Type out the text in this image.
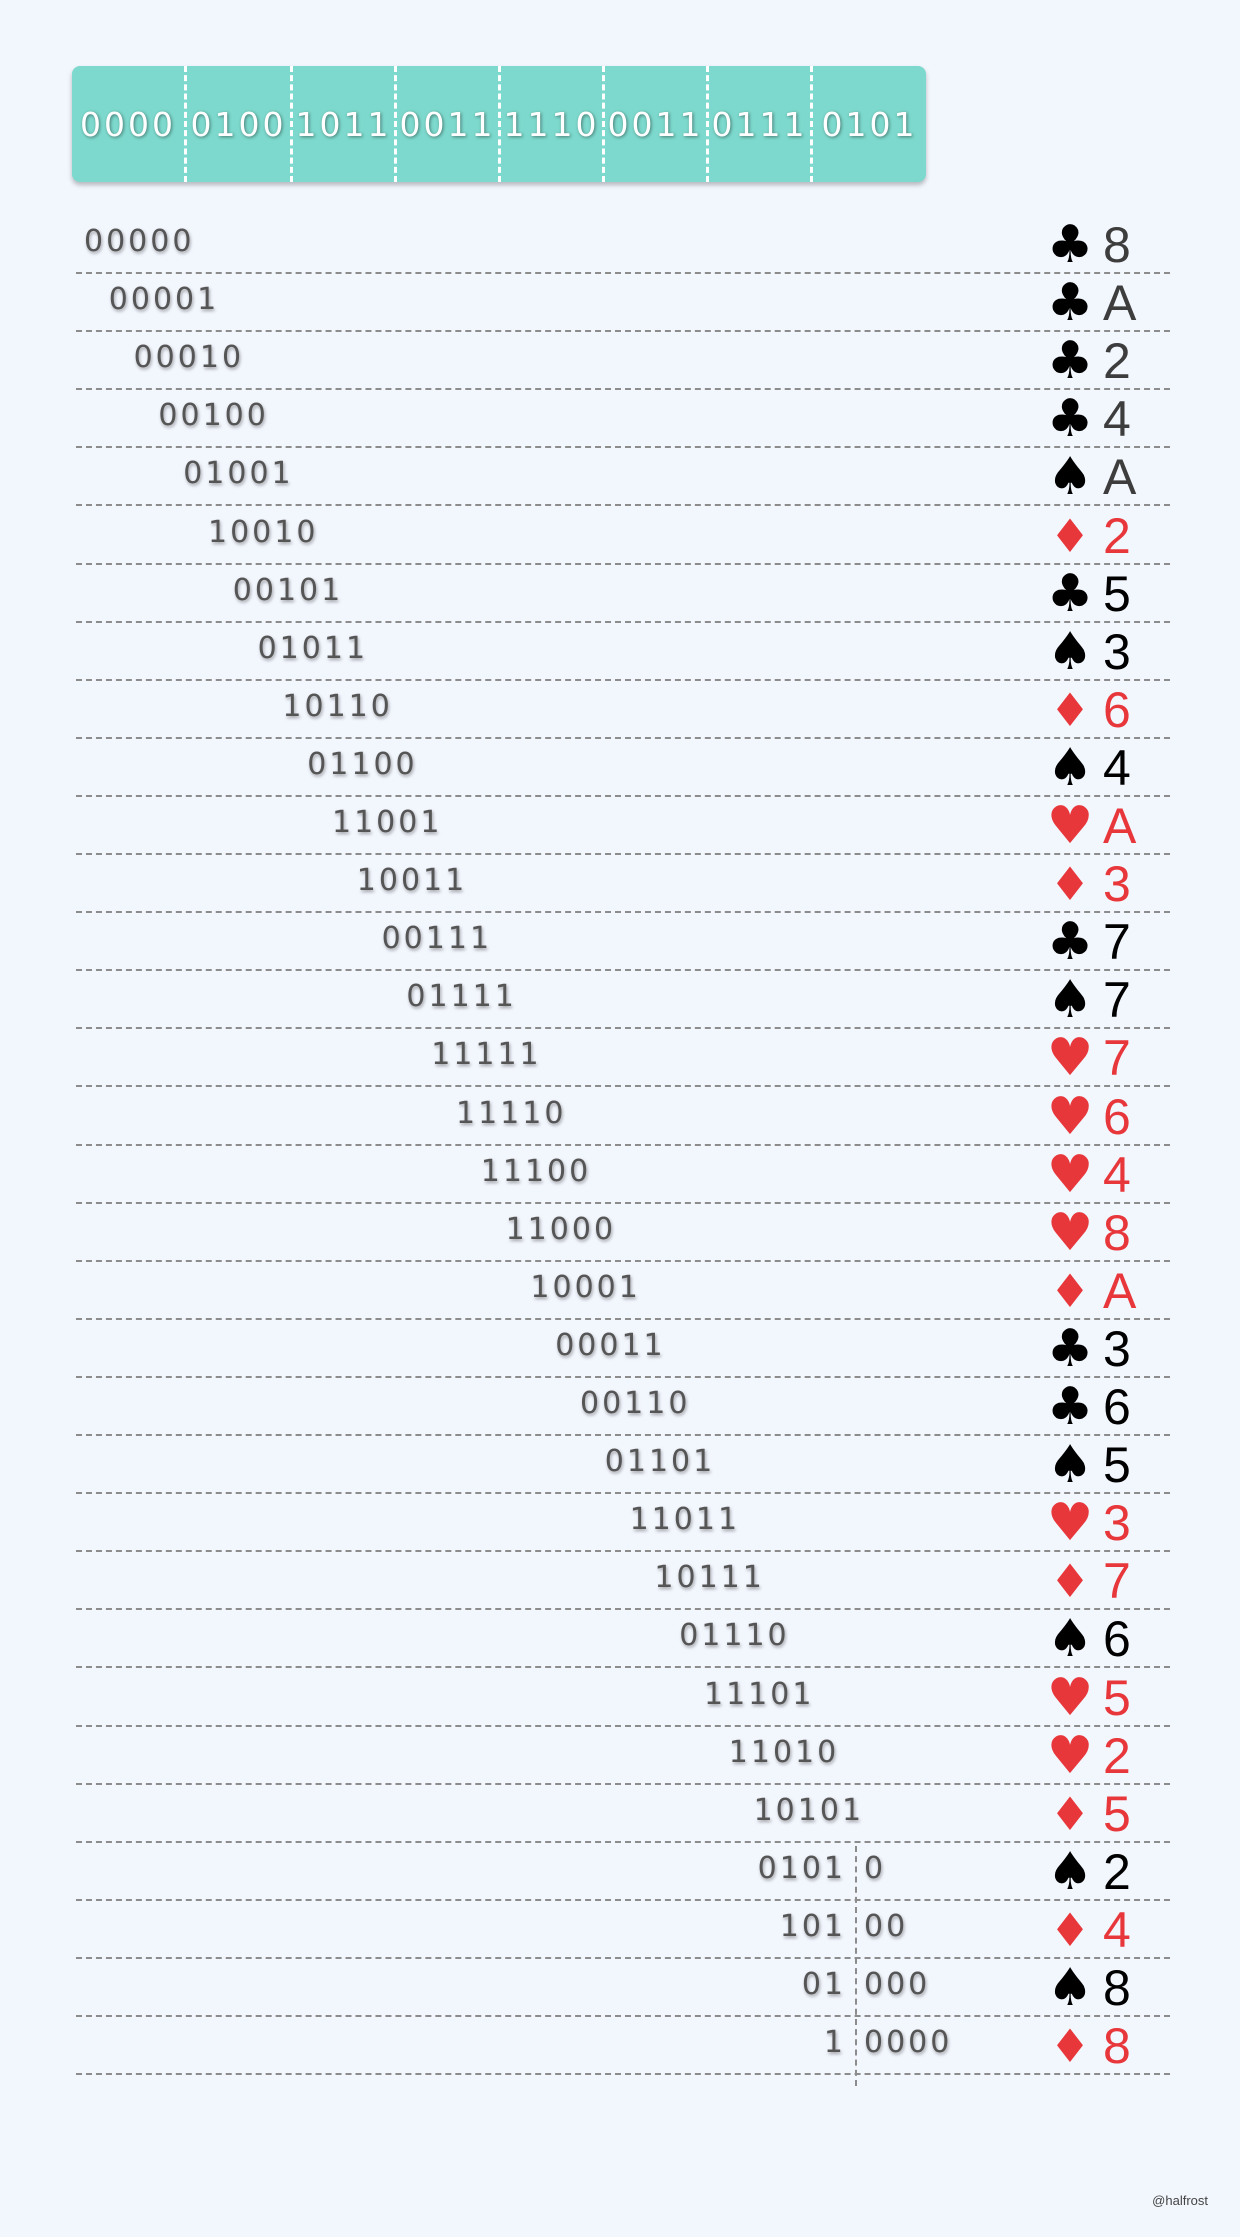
0000 0100 1011 0011 1110 0011 0111 0101
00000	♣ 8
00001	♣ A
00010	♣ 2
00100	♣ 4
01001	♠ A
10010	♦ 2
00101	♣ 5
01011	♠ 3
10110	♦ 6
01100	♠ 4
11001	♥ A
10011	♦ 3
00111	♣ 7
01111	♠ 7
11111	♥ 7
11110	♥ 6
11100	♥ 4
11000	♥ 8
10001	♦ A
00011	♣ 3
00110	♣ 6
01101	♠ 5
11011	♥ 3
10111	♦ 7
01110	♠ 6
11101	♥ 5
11010	♥ 2
10101	♦ 5
0101 0	♠ 2
101 00	♦ 4
01 000 ♠ 8
1 0000 ♦ 8
@halfrost
